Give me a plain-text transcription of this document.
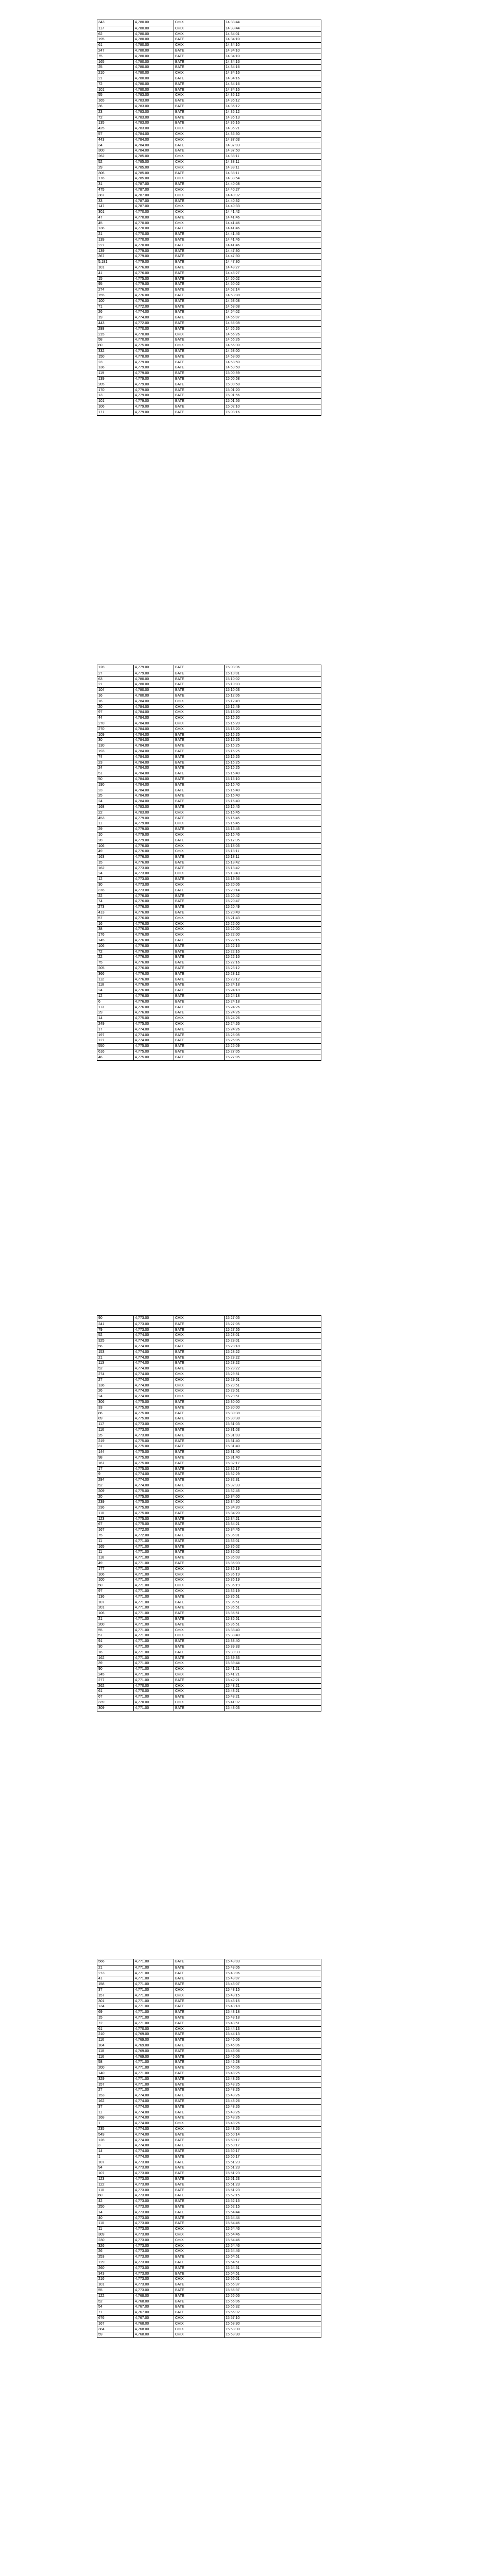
343	4,780.00	CHIX	14:33:44
117	4,780.00	CHIX	14:33:44
62	4,780.00	CHIX	14:34:01
195	4,780.00	BATE	14:34:10
61	4,780.00	CHIX	14:34:10
247	4,780.00	BATE	14:34:10
75	4,780.00	BATE	14:34:10
165	4,780.00	BATE	14:34:16
25	4,780.00	BATE	14:34:16
210	4,780.00	CHIX	14:34:16
21	4,780.00	BATE	14:34:16
72	4,780.00	BATE	14:34:16
101	4,780.00	BATE	14:34:16
55	4,783.00	CHIX	14:35:12
165	4,783.00	BATE	14:35:12
36	4,783.00	BATE	14:35:12
23	4,783.00	BATE	14:35:12
72	4,783.00	BATE	14:35:13
135	4,783.00	BATE	14:35:16
425	4,783.00	CHIX	14:35:21
57	4,784.00	CHIX	14:36:50
443	4,784.00	CHIX	14:37:03
34	4,784.00	BATE	14:37:03
300	4,784.00	BATE	14:37:50
262	4,785.00	CHIX	14:38:11
52	4,785.00	CHIX	14:38:11
29	4,785.00	CHIX	14:38:11
306	4,785.00	BATE	14:38:11
176	4,785.00	CHIX	14:38:54
31	4,787.00	BATE	14:40:08
475	4,787.00	CHIX	14:40:27
387	4,787.00	CHIX	14:40:32
33	4,787.00	BATE	14:40:32
147	4,787.00	CHIX	14:40:33
301	4,770.00	CHIX	14:41:42
47	4,770.00	BATE	14:41:46
45	4,770.00	CHIX	14:41:46
136	4,770.00	BATE	14:41:46
21	4,770.00	BATE	14:41:46
139	4,770.00	BATE	14:41:46
227	4,770.00	BATE	14:41:46
139	4,779.00	BATE	14:47:30
367	4,779.00	BATE	14:47:30
5,181	4,779.00	BATE	14:47:30
101	4,776.00	BATE	14:48:27
41	4,776.00	BATE	14:48:27
15	4,775.00	BATE	14:50:02
95	4,779.00	BATE	14:50:02
274	4,776.00	BATE	14:52:14
155	4,776.00	BATE	14:53:08
100	4,776.00	BATE	14:53:08
71	4,772.00	BATE	14:53:08
26	4,774.00	BATE	14:54:02
19	4,774.00	BATE	14:55:07
443	4,772.00	BATE	14:56:08
288	4,770.00	BATE	14:56:26
215	4,770.00	CHIX	14:56:26
58	4,770.00	BATE	14:56:26
80	4,775.00	CHIX	14:56:30
332	4,778.00	BATE	14:58:00
150	4,778.00	BATE	14:58:00
23	4,779.00	BATE	14:58:50
136	4,779.00	BATE	14:59:50
119	4,779.00	BATE	15:00:59
139	4,779.00	BATE	15:00:58
205	4,779.00	BATE	15:00:58
170	4,779.00	BATE	15:01:20
13	4,779.00	BATE	15:01:56
101	4,779.00	BATE	15:01:56
106	4,779.00	BATE	15:02:10
171	4,779.00	BATE	15:03:16
128	4,779.00	BATE	15:03:36
27	4,779.00	BATE	15:10:01
63	4,780.00	BATE	15:10:02
21	4,780.00	BATE	15:10:03
104	4,780.00	BATE	15:10:03
16	4,780.00	BATE	15:12:06
16	4,784.00	CHIX	15:12:49
20	4,784.00	CHIX	15:12:49
97	4,784.00	CHIX	15:15:20
44	4,784.00	CHIX	15:15:20
270	4,784.00	CHIX	15:15:20
270	4,784.00	CHIX	15:15:20
109	4,784.00	BATE	15:15:25
30	4,784.00	BATE	15:15:25
130	4,784.00	BATE	15:15:25
193	4,784.00	BATE	15:15:25
74	4,784.00	BATE	15:15:25
23	4,784.00	BATE	15:15:25
24	4,784.00	BATE	15:15:25
51	4,784.00	BATE	15:15:40
50	4,784.00	BATE	15:16:10
190	4,784.00	BATE	15:16:40
23	4,784.00	BATE	15:16:40
25	4,784.00	BATE	15:16:40
24	4,784.00	BATE	15:16:40
168	4,783.00	BATE	15:16:45
22	4,783.00	CHIX	15:16:45
453	4,779.00	BATE	15:16:45
11	4,779.00	CHIX	15:16:45
29	4,779.00	BATE	15:16:45
10	4,779.00	CHIX	15:16:46
28	4,779.00	BATE	15:17:35
106	4,776.00	CHIX	15:18:05
49	4,776.00	CHIX	15:18:11
163	4,776.00	BATE	15:18:11
15	4,776.00	BATE	15:18:42
162	4,773.00	BATE	15:18:42
24	4,773.00	CHIX	15:18:43
12	4,773.00	BATE	15:19:56
30	4,773.00	CHIX	15:20:06
376	4,773.00	BATE	15:20:14
22	4,776.00	BATE	15:20:42
74	4,776.00	BATE	15:20:47
273	4,776.00	BATE	15:20:49
413	4,776.00	BATE	15:20:49
57	4,776.00	CHIX	15:21:43
16	4,776.00	CHIX	15:22:00
38	4,776.00	CHIX	15:22:00
176	4,776.00	CHIX	15:22:00
145	4,776.00	BATE	15:22:16
106	4,776.00	BATE	15:22:16
72	4,776.00	BATE	15:22:16
22	4,776.00	BATE	15:22:16
75	4,776.00	BATE	15:22:16
205	4,776.00	BATE	15:23:12
366	4,776.00	BATE	15:23:12
112	4,776.00	BATE	15:23:12
118	4,776.00	BATE	15:24:18
24	4,776.00	BATE	15:24:18
12	4,776.00	BATE	15:24:18
6	4,776.00	BATE	15:24:18
113	4,776.00	BATE	15:24:26
29	4,776.00	BATE	15:24:26
14	4,775.00	CHIX	15:24:26
249	4,775.00	CHIX	15:24:26
17	4,774.00	BATE	15:24:26
197	4,774.00	BATE	15:25:05
127	4,774.00	BATE	15:25:05
550	4,775.00	BATE	15:26:09
616	4,775.00	BATE	15:27:05
46	4,775.00	BATE	15:27:05
90	4,773.00	CHIX	15:27:05
241	4,773.00	BATE	15:27:05
79	4,773.00	BATE	15:27:55
52	4,774.00	CHIX	15:28:01
325	4,774.00	CHIX	15:28:01
56	4,774.00	BATE	15:28:18
153	4,774.00	BATE	15:28:22
21	4,774.00	BATE	15:28:22
113	4,774.00	BATE	15:28:22
52	4,774.00	BATE	15:28:22
274	4,774.00	CHIX	15:29:51
27	4,774.00	CHIX	15:29:51
136	4,774.00	CHIX	15:29:51
26	4,774.00	CHIX	15:29:51
24	4,774.00	CHIX	15:29:51
306	4,775.00	BATE	15:30:00
33	4,775.00	BATE	15:30:00
86	4,775.00	BATE	15:30:38
89	4,775.00	BATE	15:30:38
117	4,773.00	CHIX	15:31:03
116	4,773.00	BATE	15:31:03
25	4,773.00	BATE	15:31:03
219	4,775.00	BATE	15:31:40
31	4,775.00	BATE	15:31:40
144	4,775.00	BATE	15:31:40
98	4,775.00	BATE	15:31:40
161	4,775.00	BATE	15:32:17
17	4,775.00	BATE	15:32:17
9	4,774.00	BATE	15:32:29
284	4,774.00	BATE	15:32:31
52	4,774.00	BATE	15:32:33
209	4,775.00	CHIX	15:32:45
20	4,775.00	CHIX	15:34:00
239	4,775.00	CHIX	15:34:20
236	4,775.00	CHIX	15:34:20
110	4,775.00	BATE	15:34:20
123	4,775.00	BATE	15:34:21
67	4,775.00	BATE	15:34:21
167	4,772.00	BATE	15:34:45
75	4,772.00	BATE	15:35:01
11	4,771.00	BATE	15:35:01
165	4,771.00	BATE	15:35:02
11	4,771.00	BATE	15:35:02
116	4,771.00	BATE	15:35:03
49	4,771.00	BATE	15:35:03
177	4,771.00	CHIX	15:36:19
106	4,771.00	CHIX	15:36:19
100	4,771.00	CHIX	15:36:19
50	4,771.00	CHIX	15:36:19
97	4,771.00	CHIX	15:36:19
136	4,771.00	BATE	15:36:51
107	4,771.00	BATE	15:36:51
201	4,771.00	BATE	15:36:51
106	4,771.00	BATE	15:36:51
21	4,771.00	BATE	15:36:51
200	4,771.00	BATE	15:36:51
55	4,771.00	CHIX	15:38:40
51	4,771.00	CHIX	15:38:40
91	4,771.00	BATE	15:38:40
30	4,771.00	BATE	15:39:33
16	4,771.00	BATE	15:39:33
162	4,771.00	BATE	15:39:33
39	4,771.00	CHIX	15:39:44
90	4,771.00	CHIX	15:41:21
245	4,771.00	CHIX	15:41:21
277	4,771.00	BATE	15:42:21
262	4,770.00	CHIX	15:43:21
61	4,770.00	CHIX	15:43:21
67	4,771.00	BATE	15:43:21
339	4,770.00	CHIX	15:41:32
309	4,771.00	BATE	15:43:03
566	4,771.00	BATE	15:43:03
21	4,771.00	BATE	15:43:06
273	4,771.00	BATE	15:43:06
41	4,771.00	BATE	15:43:07
158	4,771.00	BATE	15:43:07
37	4,771.00	CHIX	15:43:15
157	4,771.00	CHIX	15:43:15
301	4,771.00	BATE	15:43:15
134	4,771.00	BATE	15:43:18
69	4,771.00	BATE	15:43:18
15	4,771.00	BATE	15:43:18
72	4,771.00	BATE	15:43:51
61	4,770.00	CHIX	15:44:13
210	4,769.00	BATE	15:44:13
116	4,769.00	BATE	15:45:06
104	4,769.00	BATE	15:45:06
118	4,769.00	BATE	15:45:06
116	4,769.00	BATE	15:45:06
58	4,771.00	BATE	15:45:28
200	4,771.00	BATE	15:46:06
140	4,771.00	BATE	15:48:25
329	4,771.00	BATE	15:48:25
157	4,771.00	BATE	15:48:25
27	4,771.00	BATE	15:48:25
153	4,774.00	BATE	15:48:26
162	4,774.00	BATE	15:48:26
37	4,774.00	BATE	15:48:26
11	4,774.00	BATE	15:48:26
168	4,774.00	BATE	15:48:26
1	4,774.00	CHIX	15:48:26
235	4,774.00	CHIX	15:48:26
549	4,774.00	BATE	15:50:14
128	4,774.00	BATE	15:50:17
3	4,774.00	BATE	15:50:17
14	4,774.00	BATE	15:50:17
1	4,774.00	BATE	15:50:17
107	4,773.00	BATE	15:51:23
94	4,773.00	BATE	15:51:23
107	4,773.00	BATE	15:51:23
123	4,773.00	BATE	15:51:23
122	4,773.00	BATE	15:51:23
110	4,773.00	BATE	15:51:23
60	4,773.00	BATE	15:52:15
42	4,773.00	BATE	15:52:15
250	4,773.00	BATE	15:52:15
14	4,773.00	BATE	15:54:44
40	4,773.00	BATE	15:54:44
110	4,773.00	BATE	15:54:46
11	4,773.00	CHIX	15:54:46
309	4,773.00	CHIX	15:54:46
230	4,773.00	CHIX	15:54:46
326	4,773.00	CHIX	15:54:46
26	4,773.00	CHIX	15:54:46
253	4,773.00	BATE	15:54:51
129	4,773.00	BATE	15:54:51
260	4,773.00	BATE	15:54:51
343	4,773.00	BATE	15:54:51
216	4,773.00	CHIX	15:55:01
101	4,773.00	BATE	15:55:37
55	4,773.00	BATE	15:55:37
122	4,768.00	BATE	15:56:06
52	4,768.00	BATE	15:56:06
54	4,767.00	BATE	15:56:32
71	4,767.00	BATE	15:56:32
676	4,767.00	CHIX	15:57:10
167	4,768.00	CHIX	15:58:30
384	4,768.00	CHIX	15:58:30
59	4,768.00	CHIX	15:58:30
